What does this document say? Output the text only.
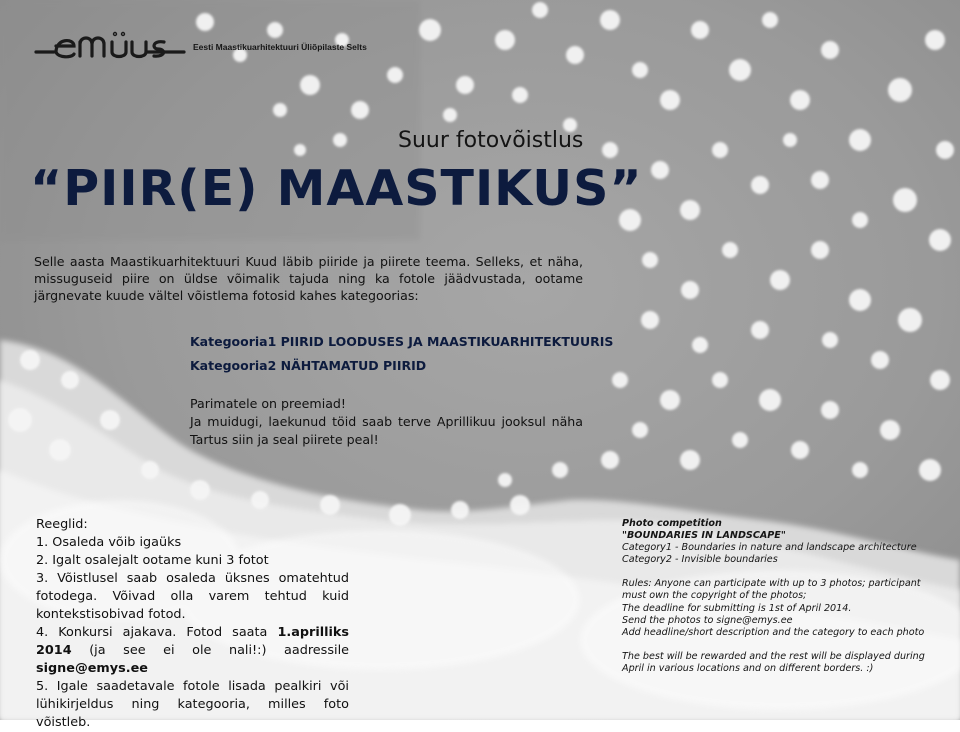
Eesti Maastikuarhitektuuri Üliõpilaste Selts
Suur fotovõistlus
“PIIR(E) MAASTIKUS”
Selle aasta Maastikuarhitektuuri Kuud läbib piiride ja piirete teema. Selleks, et näha, missuguseid piire on üldse võimalik tajuda ning ka fotole jäädvustada, ootame järgnevate kuude vältel võistlema fotosid kahes kategoorias:
Kategooria1 PIIRID LOODUSES JA MAASTIKUARHITEKTUURIS
Kategooria2 NÄHTAMATUD PIIRID
Parimatele on preemiad!
Ja muidugi, laekunud töid saab terve Aprillikuu jooksul näha Tartus siin ja seal piirete peal!
Reeglid:
1. Osaleda võib igaüks
2. Igalt osalejalt ootame kuni 3 fotot
3. Võistlusel saab osaleda üksnes omatehtud fotodega. Võivad olla varem tehtud kuid kontekstisobivad fotod.
4. Konkursi ajakava. Fotod saata 1.aprilliks 2014 (ja see ei ole nali!:) aadressile signe@emys.ee
5. Igale saadetavale fotole lisada pealkiri või lühikirjeldus ning kategooria, milles foto võistleb.
Photo competition
"BOUNDARIES IN LANDSCAPE"
Category1 - Boundaries in nature and landscape architecture
Category2 - Invisible boundaries
Rules: Anyone can participate with up to 3 photos; participant must own the copyright of the photos;
The deadline for submitting is 1st of April 2014.
Send the photos to signe@emys.ee
Add headline/short description and the category to each photo
The best will be rewarded and the rest will be displayed during April in various locations and on different borders. :)
